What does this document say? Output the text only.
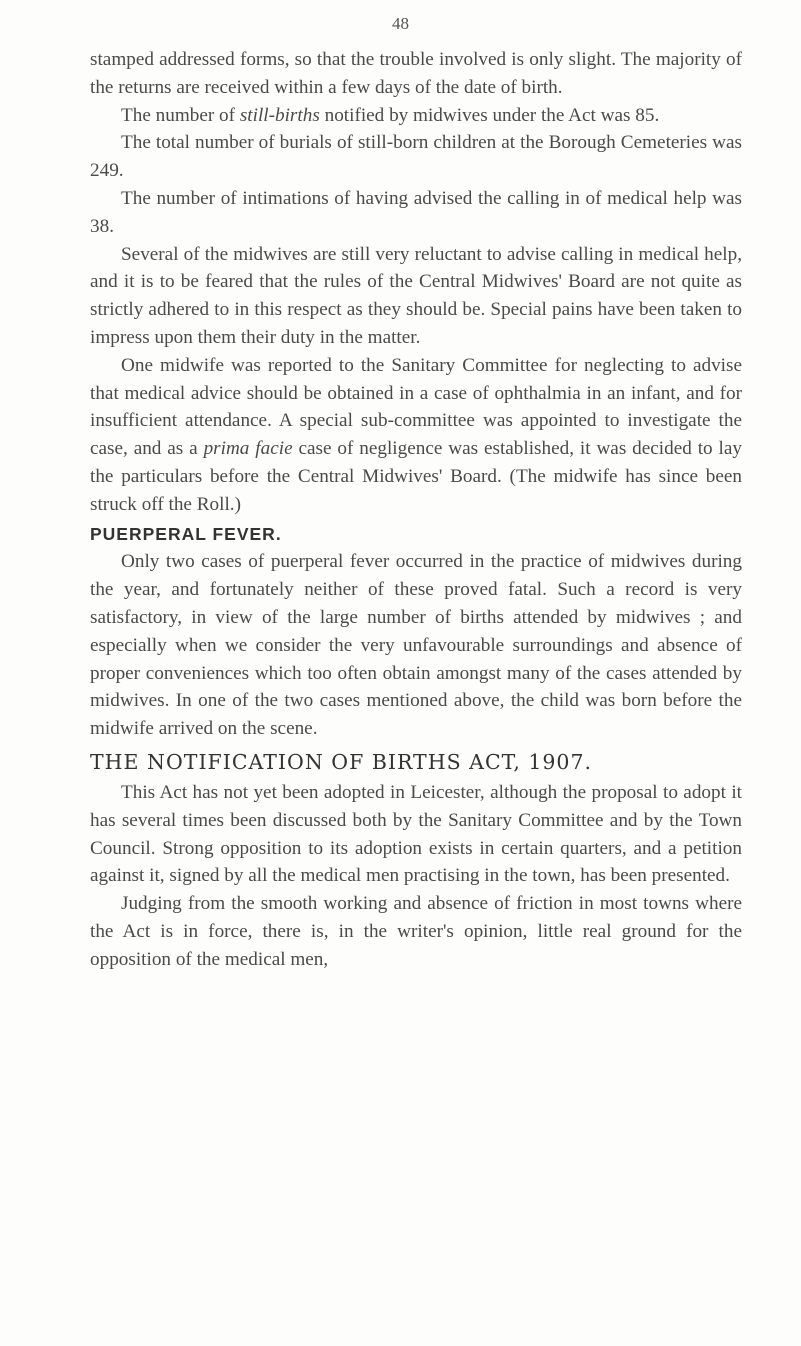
48

stamped addressed forms, so that the trouble involved is only slight. The majority of the returns are received within a few days of the date of birth.

The number of still-births notified by midwives under the Act was 85.

The total number of burials of still-born children at the Borough Cemeteries was 249.

The number of intimations of having advised the calling in of medical help was 38.

Several of the midwives are still very reluctant to advise calling in medical help, and it is to be feared that the rules of the Central Midwives' Board are not quite as strictly adhered to in this respect as they should be. Special pains have been taken to impress upon them their duty in the matter.

One midwife was reported to the Sanitary Committee for neglecting to advise that medical advice should be obtained in a case of ophthalmia in an infant, and for insufficient attendance. A special sub-committee was appointed to investigate the case, and as a prima facie case of negligence was established, it was decided to lay the particulars before the Central Midwives' Board. (The midwife has since been struck off the Roll.)

PUERPERAL FEVER.

Only two cases of puerperal fever occurred in the practice of midwives during the year, and fortunately neither of these proved fatal. Such a record is very satisfactory, in view of the large number of births attended by midwives ; and especially when we consider the very unfavourable surroundings and absence of proper conveniences which too often obtain amongst many of the cases attended by midwives. In one of the two cases mentioned above, the child was born before the midwife arrived on the scene.

THE NOTIFICATION OF BIRTHS ACT, 1907.

This Act has not yet been adopted in Leicester, although the proposal to adopt it has several times been discussed both by the Sanitary Committee and by the Town Council. Strong opposition to its adoption exists in certain quarters, and a petition against it, signed by all the medical men practising in the town, has been presented.

Judging from the smooth working and absence of friction in most towns where the Act is in force, there is, in the writer's opinion, little real ground for the opposition of the medical men,
